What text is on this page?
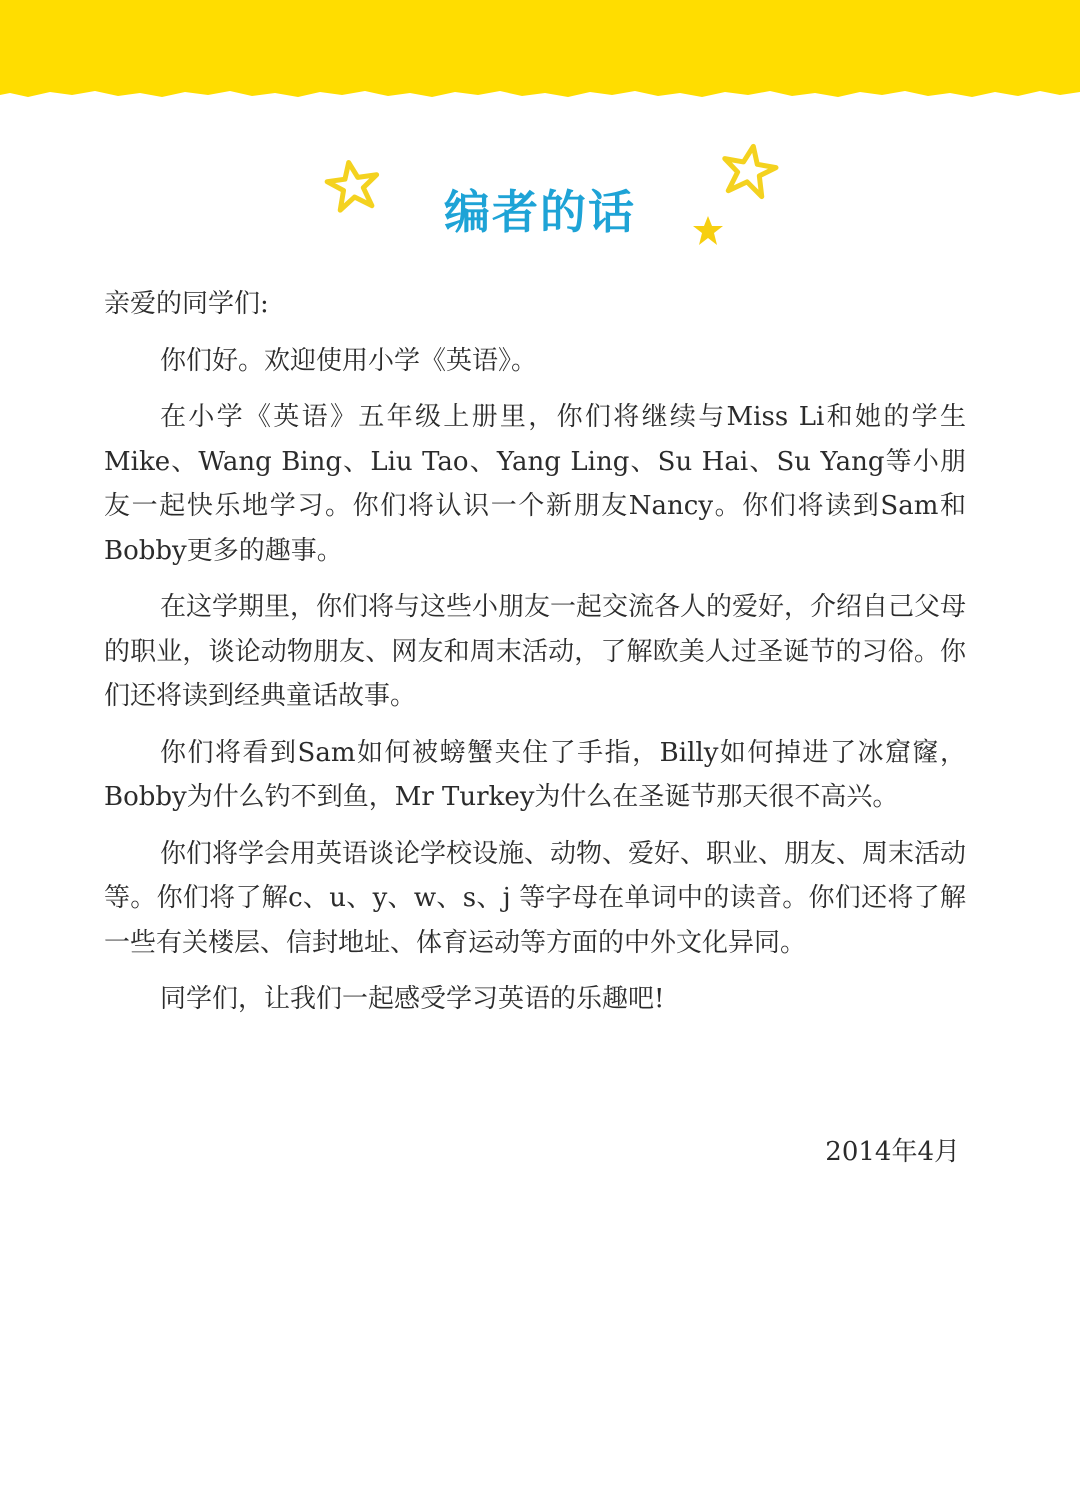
编者的话

亲爱的同学们:

你们好。欢迎使用小学《英语》。

在小学《英语》五年级上册里，你们将继续与Miss Li和她的学生Mike、Wang Bing、Liu Tao、Yang Ling、Su Hai、Su Yang等小朋友一起快乐地学习。你们将认识一个新朋友Nancy。你们将读到Sam和Bobby更多的趣事。

在这学期里，你们将与这些小朋友一起交流各人的爱好，介绍自己父母的职业，谈论动物朋友、网友和周末活动，了解欧美人过圣诞节的习俗。你们还将读到经典童话故事。

你们将看到Sam如何被螃蟹夹住了手指，Billy如何掉进了冰窟窿，Bobby为什么钓不到鱼，Mr Turkey为什么在圣诞节那天很不高兴。

你们将学会用英语谈论学校设施、动物、爱好、职业、朋友、周末活动等。你们将了解c、u、y、w、s、j 等字母在单词中的读音。你们还将了解一些有关楼层、信封地址、体育运动等方面的中外文化异同。

同学们，让我们一起感受学习英语的乐趣吧!

2014年4月
